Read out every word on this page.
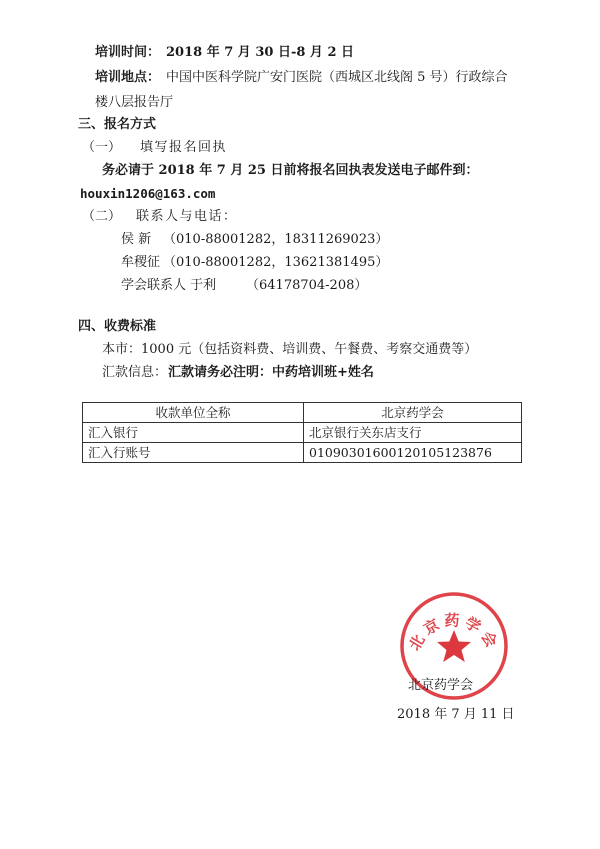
培训时间： 2018 年 7 月 30 日-8 月 2 日
培训地点： 中国中医科学院广安门医院（西城区北线阁 5 号）行政综合
楼八层报告厅
三、报名方式
（一） 填写报名回执
务必请于 2018 年 7 月 25 日前将报名回执表发送电子邮件到：
houxin1206@163.com
（二） 联系人与电话：
侯 新 （010-88001282，18311269023）
牟稷征 （010-88001282，13621381495）
学会联系人 于利 （64178704-208）
四、收费标准
本市：1000 元（包括资料费、培训费、午餐费、考察交通费等）
汇款信息： 汇款请务必注明：中药培训班+姓名
收款单位全称	北京药学会
汇入银行	北京银行关东店支行
汇入行账号	01090301600120105123876
北京药学会
北京药学会
2018 年 7 月 11 日
